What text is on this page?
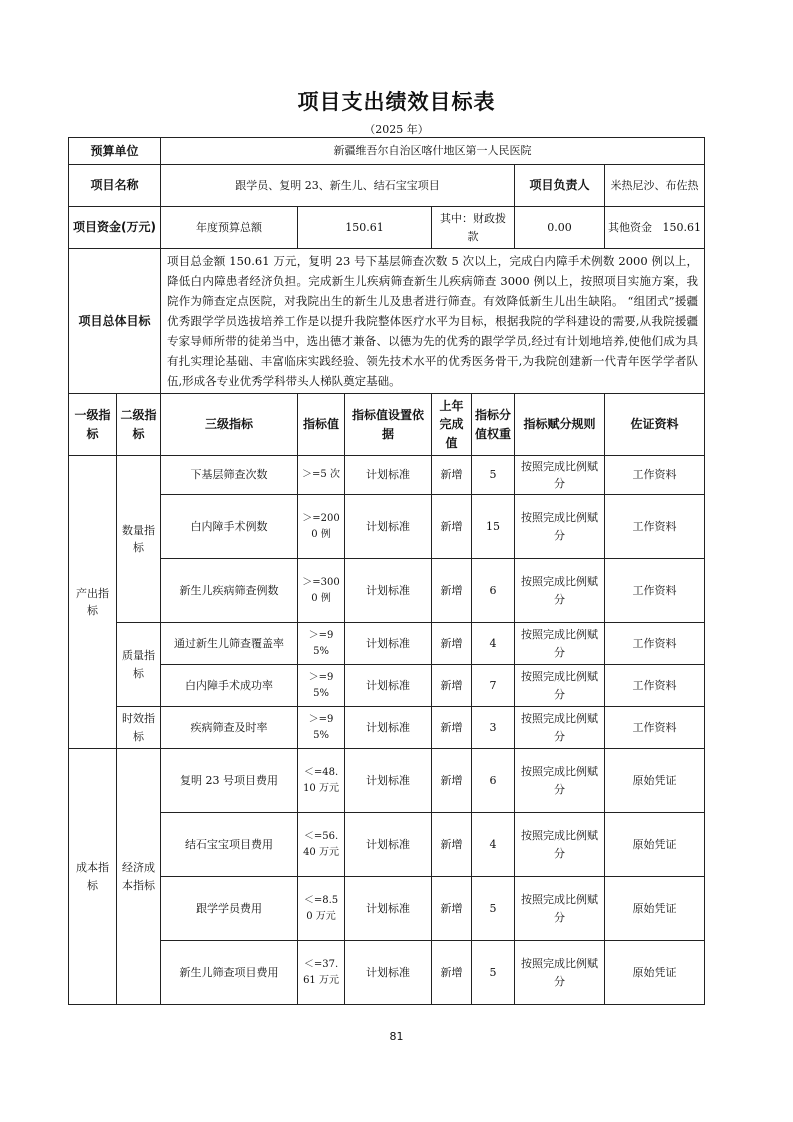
项目支出绩效目标表
（2025 年）
预算单位		新疆维吾尔自治区喀什地区第一人民医院						
项目名称		跟学员、复明 23、新生儿、结石宝宝项目					项目负责人	米热尼沙、布佐热
项目资金(万元)		年度预算总额	150.61		其中：财政拨款		0.00	其他资金 150.61
项目总体目标		项目总金额 150.61 万元，复明 23 号下基层筛查次数 5 次以上，完成白内障手术例数 2000 例以上，降低白内障患者经济负担。完成新生儿疾病筛查新生儿疾病筛查 3000 例以上，按照项目实施方案，我院作为筛查定点医院，对我院出生的新生儿及患者进行筛查。有效降低新生儿出生缺陷。 “组团式”援疆优秀跟学学员选拔培养工作是以提升我院整体医疗水平为目标，根据我院的学科建设的需要,从我院援疆专家导师所带的徒弟当中，选出德才兼备、以德为先的优秀的跟学学员,经过有计划地培养,使他们成为具有扎实理论基础、丰富临床实践经验、领先技术水平的优秀医务骨干,为我院创建新一代青年医学学者队伍,形成各专业优秀学科带头人梯队奠定基础。						
一级指标	二级指标	三级指标	指标值	指标值设置依据	上年完成值	指标分值权重	指标赋分规则	佐证资料
产出指标	数量指标	下基层筛查次数	＞=5 次	计划标准	新增	5	按照完成比例赋分	工作资料
		白内障手术例数	＞=2000 例	计划标准	新增	15	按照完成比例赋分	工作资料
		新生儿疾病筛查例数	＞=3000 例	计划标准	新增	6	按照完成比例赋分	工作资料
	质量指标	通过新生儿筛查覆盖率	＞=95%	计划标准	新增	4	按照完成比例赋分	工作资料
		白内障手术成功率	＞=95%	计划标准	新增	7	按照完成比例赋分	工作资料
	时效指标	疾病筛查及时率	＞=95%	计划标准	新增	3	按照完成比例赋分	工作资料
成本指标	经济成本指标	复明 23 号项目费用	＜=48.10 万元	计划标准	新增	6	按照完成比例赋分	原始凭证
		结石宝宝项目费用	＜=56.40 万元	计划标准	新增	4	按照完成比例赋分	原始凭证
		跟学学员费用	＜=8.50 万元	计划标准	新增	5	按照完成比例赋分	原始凭证
		新生儿筛查项目费用	＜=37.61 万元	计划标准	新增	5	按照完成比例赋分	原始凭证
81
